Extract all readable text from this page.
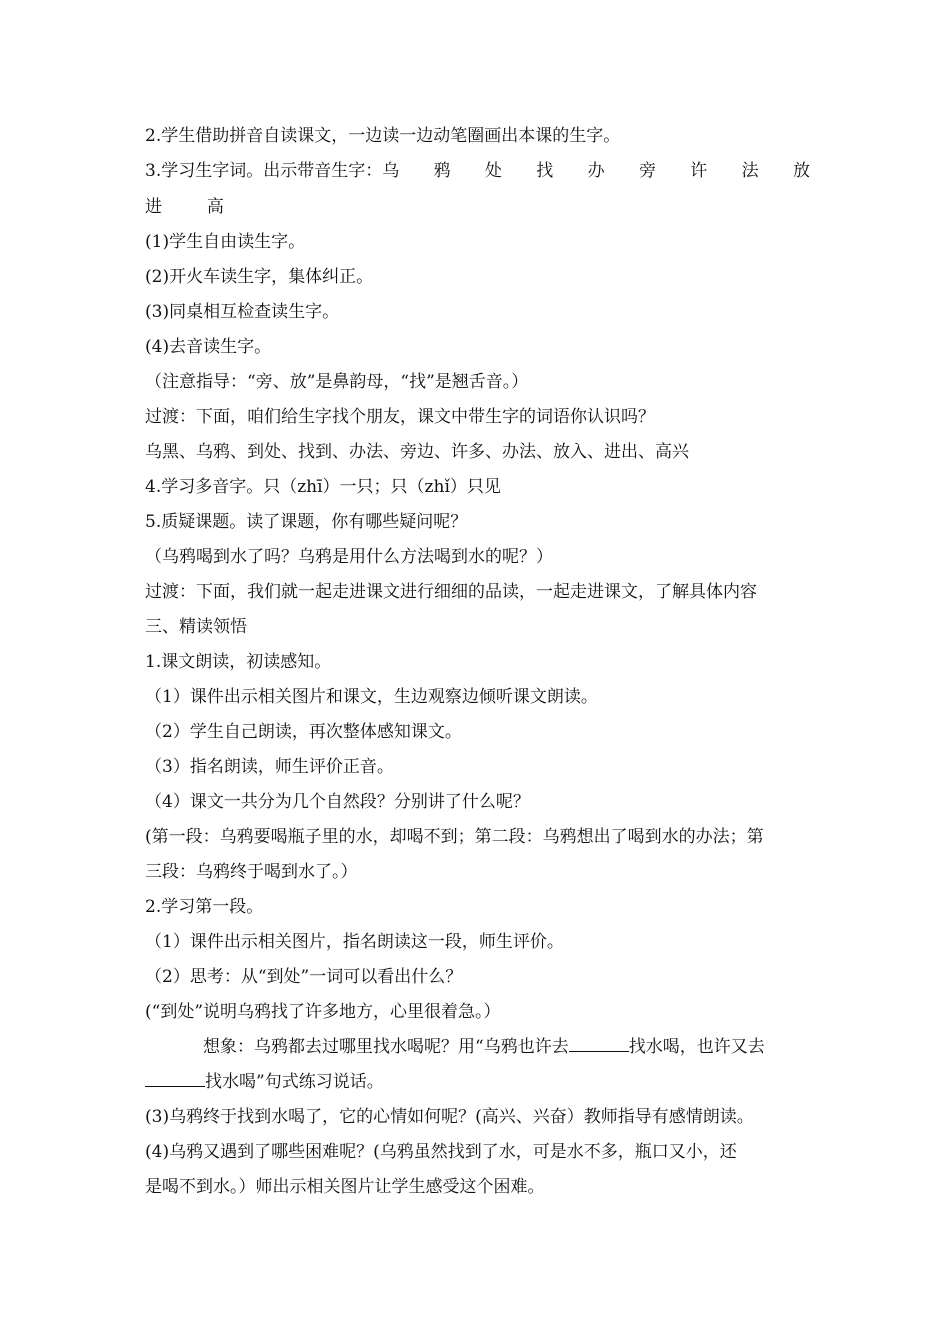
2.学生借助拼音自读课文，一边读一边动笔圈画出本课的生字。
3.学习生字词。出示带音生字：乌 鸦 处 找 办 旁 许 法 放
进	高
(1)学生自由读生字。
(2)开火车读生字，集体纠正。
(3)同桌相互检查读生字。
(4)去音读生字。
（注意指导：“旁、放”是鼻韵母，“找”是翘舌音。）
过渡：下面，咱们给生字找个朋友，课文中带生字的词语你认识吗？
乌黑、乌鸦、到处、找到、办法、旁边、许多、办法、放入、进出、高兴
4.学习多音字。只（zhī）一只；只（zhǐ）只见
5.质疑课题。读了课题，你有哪些疑问呢？
（乌鸦喝到水了吗？乌鸦是用什么方法喝到水的呢？）
过渡：下面，我们就一起走进课文进行细细的品读，一起走进课文，了解具体内容
三、精读领悟
1.课文朗读，初读感知。
（1）课件出示相关图片和课文，生边观察边倾听课文朗读。
（2）学生自己朗读，再次整体感知课文。
（3）指名朗读，师生评价正音。
（4）课文一共分为几个自然段？分别讲了什么呢？
(第一段：乌鸦要喝瓶子里的水，却喝不到；第二段：乌鸦想出了喝到水的办法；第
三段：乌鸦终于喝到水了。）
2.学习第一段。
（1）课件出示相关图片，指名朗读这一段，师生评价。
（2）思考：从“到处”一词可以看出什么？
(“到处”说明乌鸦找了许多地方，心里很着急。）
想象：乌鸦都去过哪里找水喝呢？用“乌鸦也许去	找水喝，也许又去
找水喝”句式练习说话。
(3)乌鸦终于找到水喝了，它的心情如何呢？(高兴、兴奋）教师指导有感情朗读。
(4)乌鸦又遇到了哪些困难呢？(乌鸦虽然找到了水，可是水不多，瓶口又小，还
是喝不到水。）师出示相关图片让学生感受这个困难。
